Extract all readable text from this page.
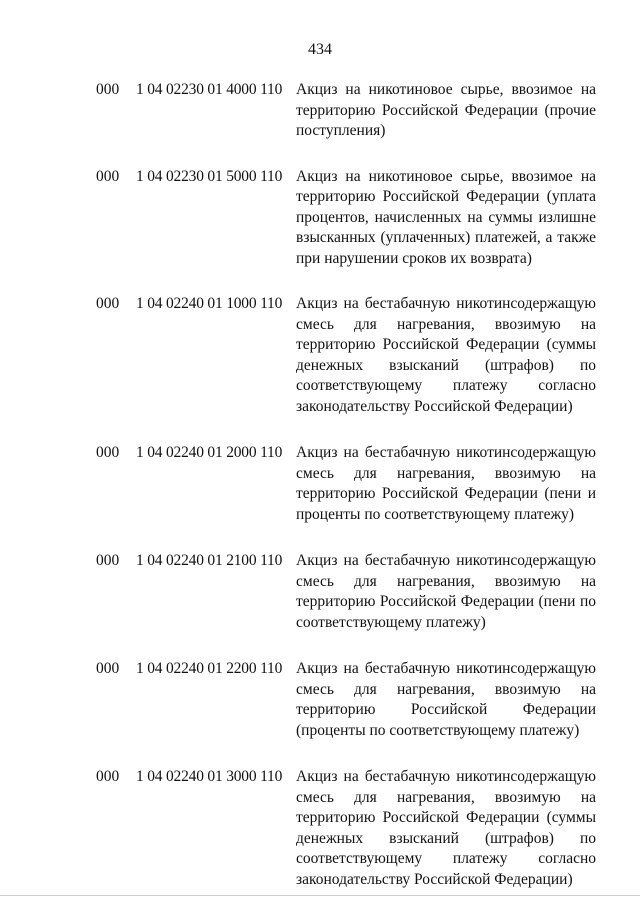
434
000	1 04 02230 01 4000 110 Акциз на никотиновое сырье, ввозимое на территорию Российской Федерации (прочие поступления)
000	1 04 02230 01 5000 110 Акциз на никотиновое сырье, ввозимое на территорию Российской Федерации (уплата процентов, начисленных на суммы излишне взысканных (уплаченных) платежей, а также при нарушении сроков их возврата)
000	1 04 02240 01 1000 110 Акциз на бестабачную никотинсодержащую смесь для нагревания, ввозимую на территорию Российской Федерации (суммы денежных взысканий (штрафов) по соответствующему платежу согласно законодательству Российской Федерации)
000	1 04 02240 01 2000 110 Акциз на бестабачную никотинсодержащую смесь для нагревания, ввозимую на территорию Российской Федерации (пени и проценты по соответствующему платежу)
000	1 04 02240 01 2100 110 Акциз на бестабачную никотинсодержащую смесь для нагревания, ввозимую на территорию Российской Федерации (пени по соответствующему платежу)
000	1 04 02240 01 2200 110 Акциз на бестабачную никотинсодержащую смесь для нагревания, ввозимую на территорию Российской Федерации (проценты по соответствующему платежу)
000	1 04 02240 01 3000 110 Акциз на бестабачную никотинсодержащую смесь для нагревания, ввозимую на территорию Российской Федерации (суммы денежных взысканий (штрафов) по соответствующему платежу согласно законодательству Российской Федерации)
